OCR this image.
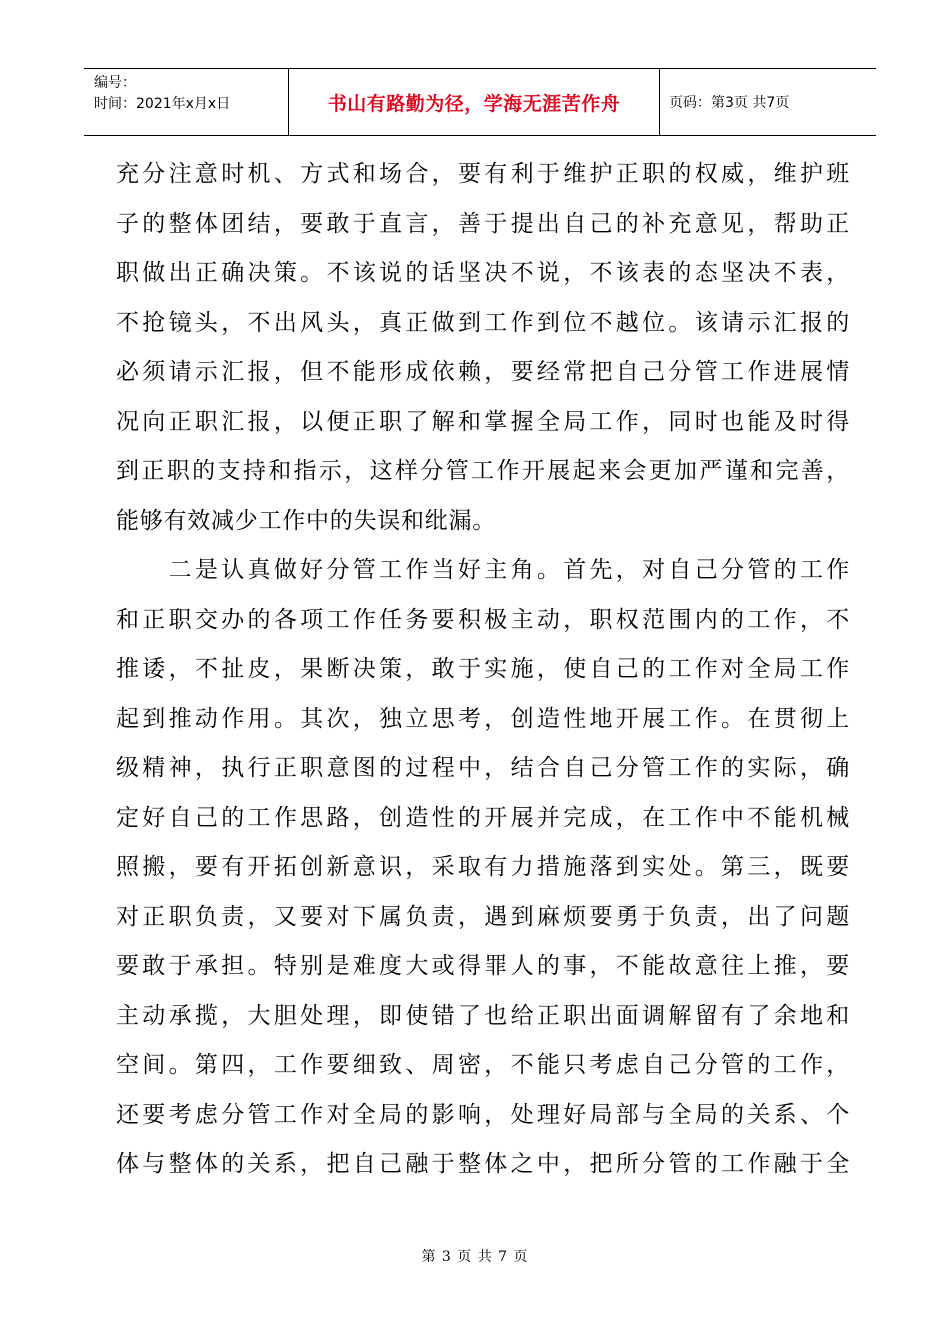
编号：
时间：2021年x月x日	书山有路勤为径，学海无涯苦作舟	页码：第3页 共7页
充分注意时机、方式和场合，要有利于维护正职的权威，维护班
子的整体团结，要敢于直言，善于提出自己的补充意见，帮助正
职做出正确决策。不该说的话坚决不说，不该表的态坚决不表，
不抢镜头，不出风头，真正做到工作到位不越位。该请示汇报的
必须请示汇报，但不能形成依赖，要经常把自己分管工作进展情
况向正职汇报，以便正职了解和掌握全局工作，同时也能及时得
到正职的支持和指示，这样分管工作开展起来会更加严谨和完善，
能够有效减少工作中的失误和纰漏。
　　二是认真做好分管工作当好主角。首先，对自己分管的工作
和正职交办的各项工作任务要积极主动，职权范围内的工作，不
推诿，不扯皮，果断决策，敢于实施，使自己的工作对全局工作
起到推动作用。其次，独立思考，创造性地开展工作。在贯彻上
级精神，执行正职意图的过程中，结合自己分管工作的实际，确
定好自己的工作思路，创造性的开展并完成，在工作中不能机械
照搬，要有开拓创新意识，采取有力措施落到实处。第三，既要
对正职负责，又要对下属负责，遇到麻烦要勇于负责，出了问题
要敢于承担。特别是难度大或得罪人的事，不能故意往上推，要
主动承揽，大胆处理，即使错了也给正职出面调解留有了余地和
空间。第四，工作要细致、周密，不能只考虑自己分管的工作，
还要考虑分管工作对全局的影响，处理好局部与全局的关系、个
体与整体的关系，把自己融于整体之中，把所分管的工作融于全
第 3 页 共 7 页
